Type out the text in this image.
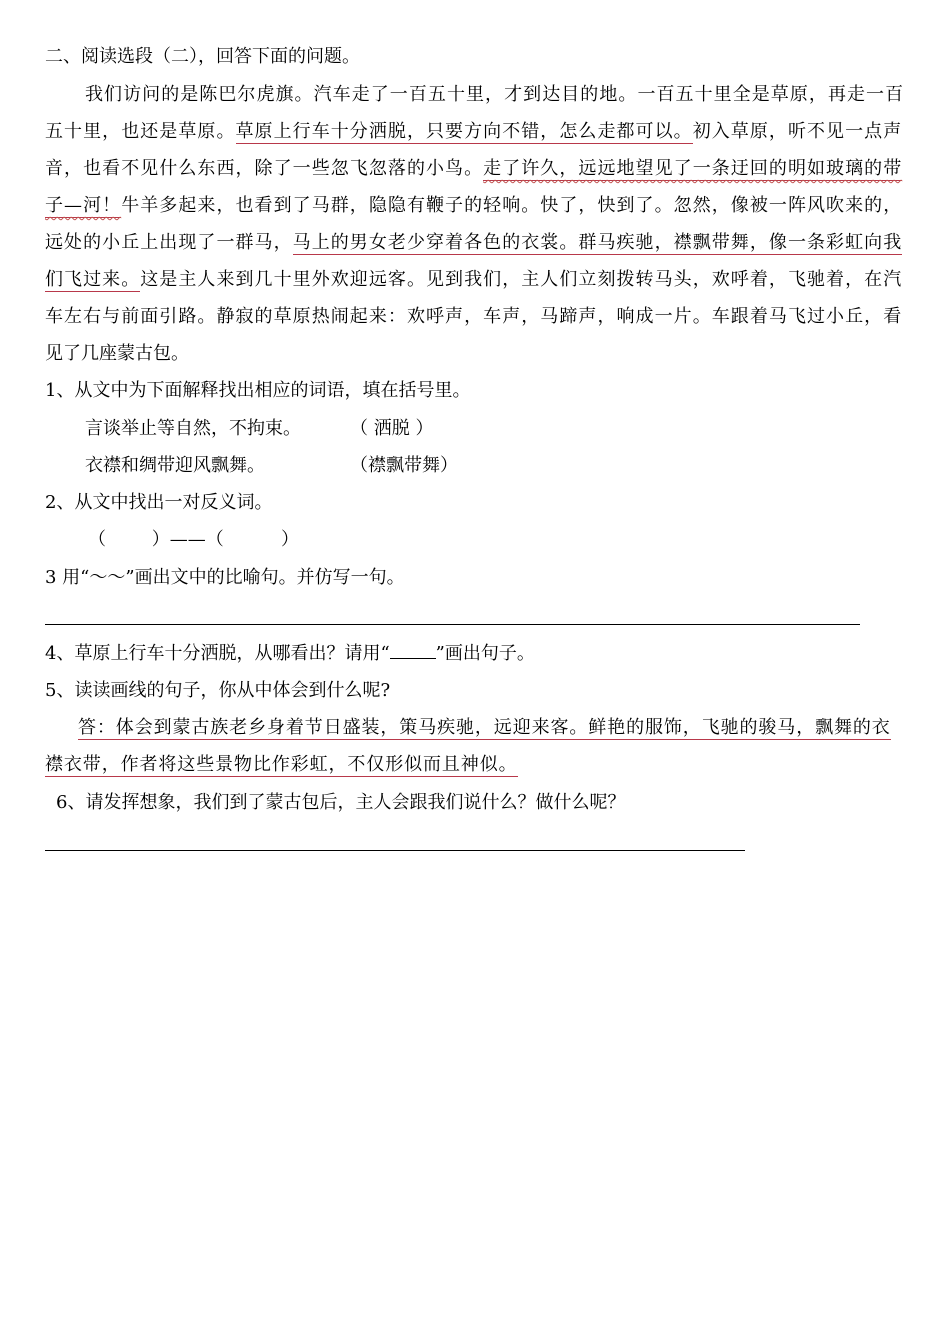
二、阅读选段（二），回答下面的问题。

我们访问的是陈巴尔虎旗。汽车走了一百五十里，才到达目的地。一百五十里全是草原，再走一百

五十里，也还是草原。草原上行车十分洒脱，只要方向不错，怎么走都可以。初入草原，听不见一点声

音，也看不见什么东西，除了一些忽飞忽落的小鸟。走了许久，远远地望见了一条迂回的明如玻璃的带

子—河！牛羊多起来，也看到了马群，隐隐有鞭子的轻响。快了，快到了。忽然，像被一阵风吹来的，

远处的小丘上出现了一群马，马上的男女老少穿着各色的衣裳。群马疾驰，襟飘带舞，像一条彩虹向我

们飞过来。这是主人来到几十里外欢迎远客。见到我们，主人们立刻拨转马头，欢呼着，飞驰着，在汽

车左右与前面引路。静寂的草原热闹起来：欢呼声，车声，马蹄声，响成一片。车跟着马飞过小丘，看

见了几座蒙古包。

1、从文中为下面解释找出相应的词语，填在括号里。

言谈举止等自然，不拘束。	（ 洒脱 ）

衣襟和绸带迎风飘舞。	（襟飘带舞）

2、从文中找出一对反义词。

（        ）——（          ）

3 用“～～”画出文中的比喻句。并仿写一句。

4、草原上行车十分洒脱，从哪看出？请用“	”画出句子。

5、读读画线的句子，你从中体会到什么呢?

答：体会到蒙古族老乡身着节日盛装，策马疾驰，远迎来客。鲜艳的服饰，飞驰的骏马，飘舞的衣

襟衣带，作者将这些景物比作彩虹，不仅形似而且神似。

6、请发挥想象，我们到了蒙古包后，主人会跟我们说什么？做什么呢？
